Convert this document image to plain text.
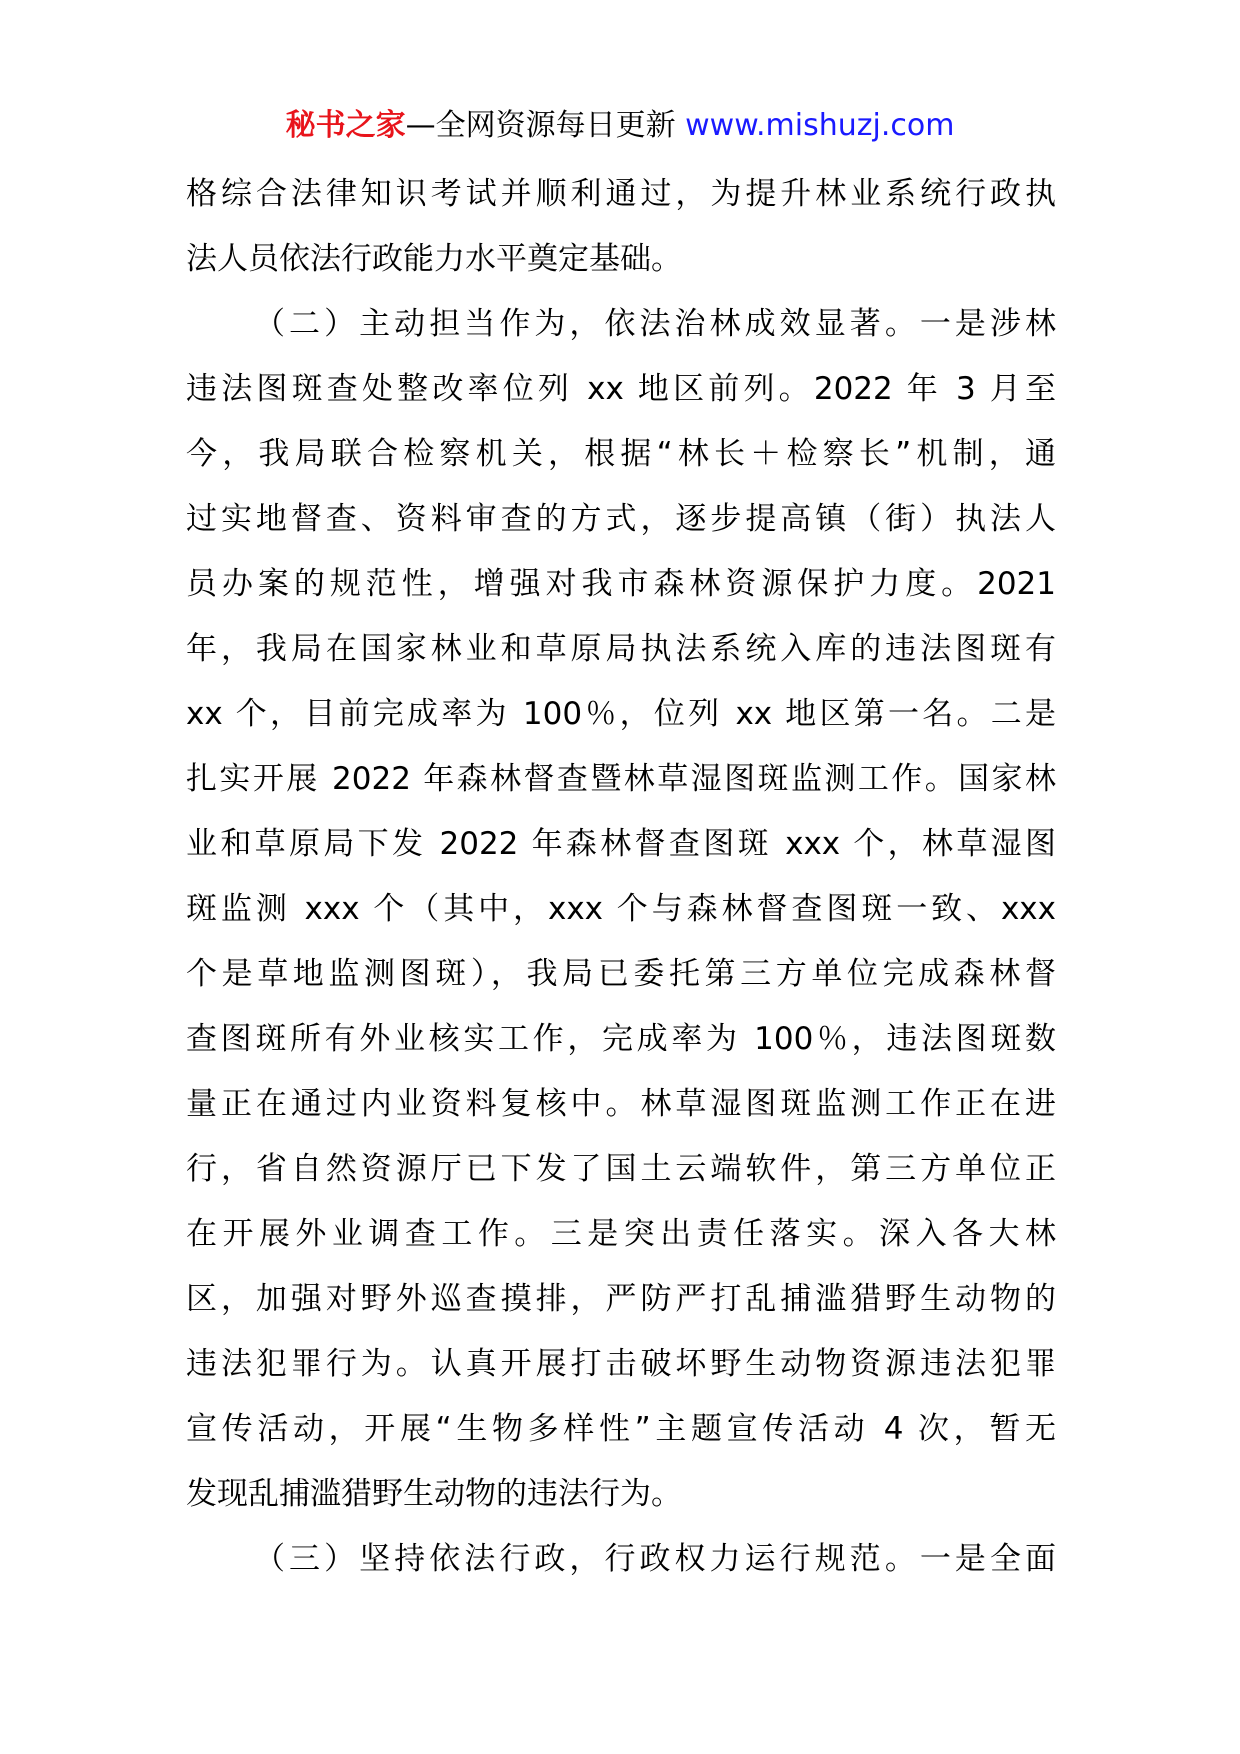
秘书之家—全网资源每日更新 www.mishuzj.com

格综合法律知识考试并顺利通过，为提升林业系统行政执

法人员依法行政能力水平奠定基础。

（二）主动担当作为，依法治林成效显著。一是涉林

违法图斑查处整改率位列 xx 地区前列。2022 年 3 月至

今，我局联合检察机关，根据“林长＋检察长”机制，通

过实地督查、资料审查的方式，逐步提高镇（街）执法人

员办案的规范性，增强对我市森林资源保护力度。2021

年，我局在国家林业和草原局执法系统入库的违法图斑有

xx 个，目前完成率为 100％，位列 xx 地区第一名。二是

扎实开展 2022 年森林督查暨林草湿图斑监测工作。国家林

业和草原局下发 2022 年森林督查图斑 xxx 个，林草湿图

斑监测 xxx 个（其中，xxx 个与森林督查图斑一致、xxx

个是草地监测图斑），我局已委托第三方单位完成森林督

查图斑所有外业核实工作，完成率为 100％，违法图斑数

量正在通过内业资料复核中。林草湿图斑监测工作正在进

行，省自然资源厅已下发了国土云端软件，第三方单位正

在开展外业调查工作。三是突出责任落实。深入各大林

区，加强对野外巡查摸排，严防严打乱捕滥猎野生动物的

违法犯罪行为。认真开展打击破坏野生动物资源违法犯罪

宣传活动，开展“生物多样性”主题宣传活动 4 次，暂无

发现乱捕滥猎野生动物的违法行为。

（三）坚持依法行政，行政权力运行规范。一是全面
